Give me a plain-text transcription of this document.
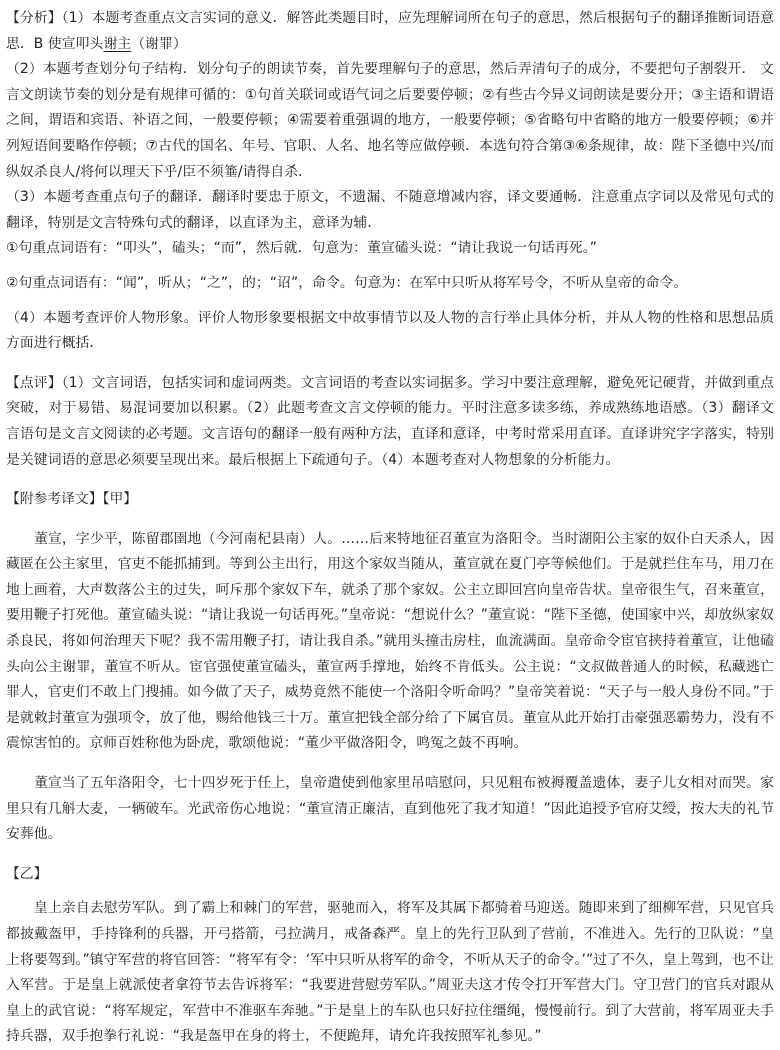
【分析】（1）本题考查重点文言实词的意义．解答此类题目时，应先理解词所在句子的意思，然后根据句子的翻译推断词语意思．B 使宣叩头谢主（谢罪）

（2）本题考查划分句子结构．划分句子的朗读节奏，首先要理解句子的意思，然后弄清句子的成分，不要把句子割裂开． 文言文朗读节奏的划分是有规律可循的：①句首关联词或语气词之后要要停顿；②有些古今异义词朗读是要分开；③主语和谓语之间，谓语和宾语、补语之间，一般要停顿；④需要着重强调的地方，一般要停顿；⑤省略句中省略的地方一般要停顿；⑥并列短语间要略作停顿；⑦古代的国名、年号、官职、人名、地名等应做停顿．本选句符合第③⑥条规律，故：陛下圣德中兴/而纵奴杀良人/将何以理天下乎/臣不须箠/请得自杀．

（3）本题考查重点句子的翻译．翻译时要忠于原文，不遗漏、不随意增减内容，译文要通畅．注意重点字词以及常见句式的翻译，特别是文言特殊句式的翻译，以直译为主，意译为辅．

①句重点词语有：“叩头”，磕头；“而”，然后就．句意为：董宣磕头说：“请让我说一句话再死。”

②句重点词语有：“闻”，听从；“之”，的；“诏”，命令。句意为：在军中只听从将军号令，不听从皇帝的命令。

（4）本题考查评价人物形象。评价人物形象要根据文中故事情节以及人物的言行举止具体分析，并从人物的性格和思想品质方面进行概括．

【点评】（1）文言词语，包括实词和虚词两类。文言词语的考查以实词据多。学习中要注意理解，避免死记硬背，并做到重点突破，对于易错、易混词要加以积累。（2）此题考查文言文停顿的能力。平时注意多读多练，养成熟练地语感。（3）翻译文言语句是文言文阅读的必考题。文言语句的翻译一般有两种方法，直译和意译，中考时常采用直译。直译讲究字字落实，特别是关键词语的意思必须要呈现出来。最后根据上下疏通句子。（4）本题考查对人物想象的分析能力。

【附参考译文】【甲】

董宣，字少平，陈留郡圉地（今河南杞县南）人。……后来特地征召董宣为洛阳令。当时湖阳公主家的奴仆白天杀人，因藏匿在公主家里，官吏不能抓捕到。等到公主出行，用这个家奴当随从，董宣就在夏门亭等候他们。于是就拦住车马，用刀在地上画着，大声数落公主的过失，呵斥那个家奴下车，就杀了那个家奴。公主立即回宫向皇帝告状。皇帝很生气，召来董宣，要用鞭子打死他。董宣磕头说：“请让我说一句话再死。”皇帝说：“想说什么？”董宣说：“陛下圣德，使国家中兴，却放纵家奴杀良民，将如何治理天下呢？我不需用鞭子打，请让我自杀。”就用头撞击房柱，血流满面。皇帝命令宦官挟持着董宣，让他磕头向公主谢罪，董宣不听从。宦官强使董宣磕头，董宣两手撑地，始终不肯低头。公主说：“文叔做普通人的时候，私藏逃亡罪人，官吏们不敢上门搜捕。如今做了天子，威势竟然不能使一个洛阳令听命吗？”皇帝笑着说：“天子与一般人身份不同。”于是就敕封董宣为强项令，放了他，赐给他钱三十万。董宣把钱全部分给了下属官员。董宣从此开始打击豪强恶霸势力，没有不震惊害怕的。京师百姓称他为卧虎，歌颂他说：“董少平做洛阳令，鸣冤之鼓不再响。

董宣当了五年洛阳令，七十四岁死于任上，皇帝遣使到他家里吊唁慰问，只见粗布被褥覆盖遗体，妻子儿女相对而哭。家里只有几斛大麦，一辆破车。光武帝伤心地说：“董宣清正廉洁，直到他死了我才知道！”因此追授予官府艾绶，按大夫的礼节安葬他。

【乙】

皇上亲自去慰劳军队。到了霸上和棘门的军营，驱驰而入，将军及其属下都骑着马迎送。随即来到了细柳军营，只见官兵都披戴盔甲，手持锋利的兵器，开弓搭箭，弓拉满月，戒备森严。皇上的先行卫队到了营前，不准进入。先行的卫队说：“皇上将要驾到。”镇守军营的将官回答：“将军有令：‘军中只听从将军的命令，不听从天子的命令。’”过了不久，皇上驾到，也不让入军营。于是皇上就派使者拿符节去告诉将军：“我要进营慰劳军队。”周亚夫这才传令打开军营大门。守卫营门的官兵对跟从皇上的武官说：“将军规定，军营中不准驱车奔驰。”于是皇上的车队也只好拉住缰绳，慢慢前行。到了大营前，将军周亚夫手持兵器，双手抱拳行礼说：“我是盔甲在身的将士，不便跪拜，请允许我按照军礼参见。”
